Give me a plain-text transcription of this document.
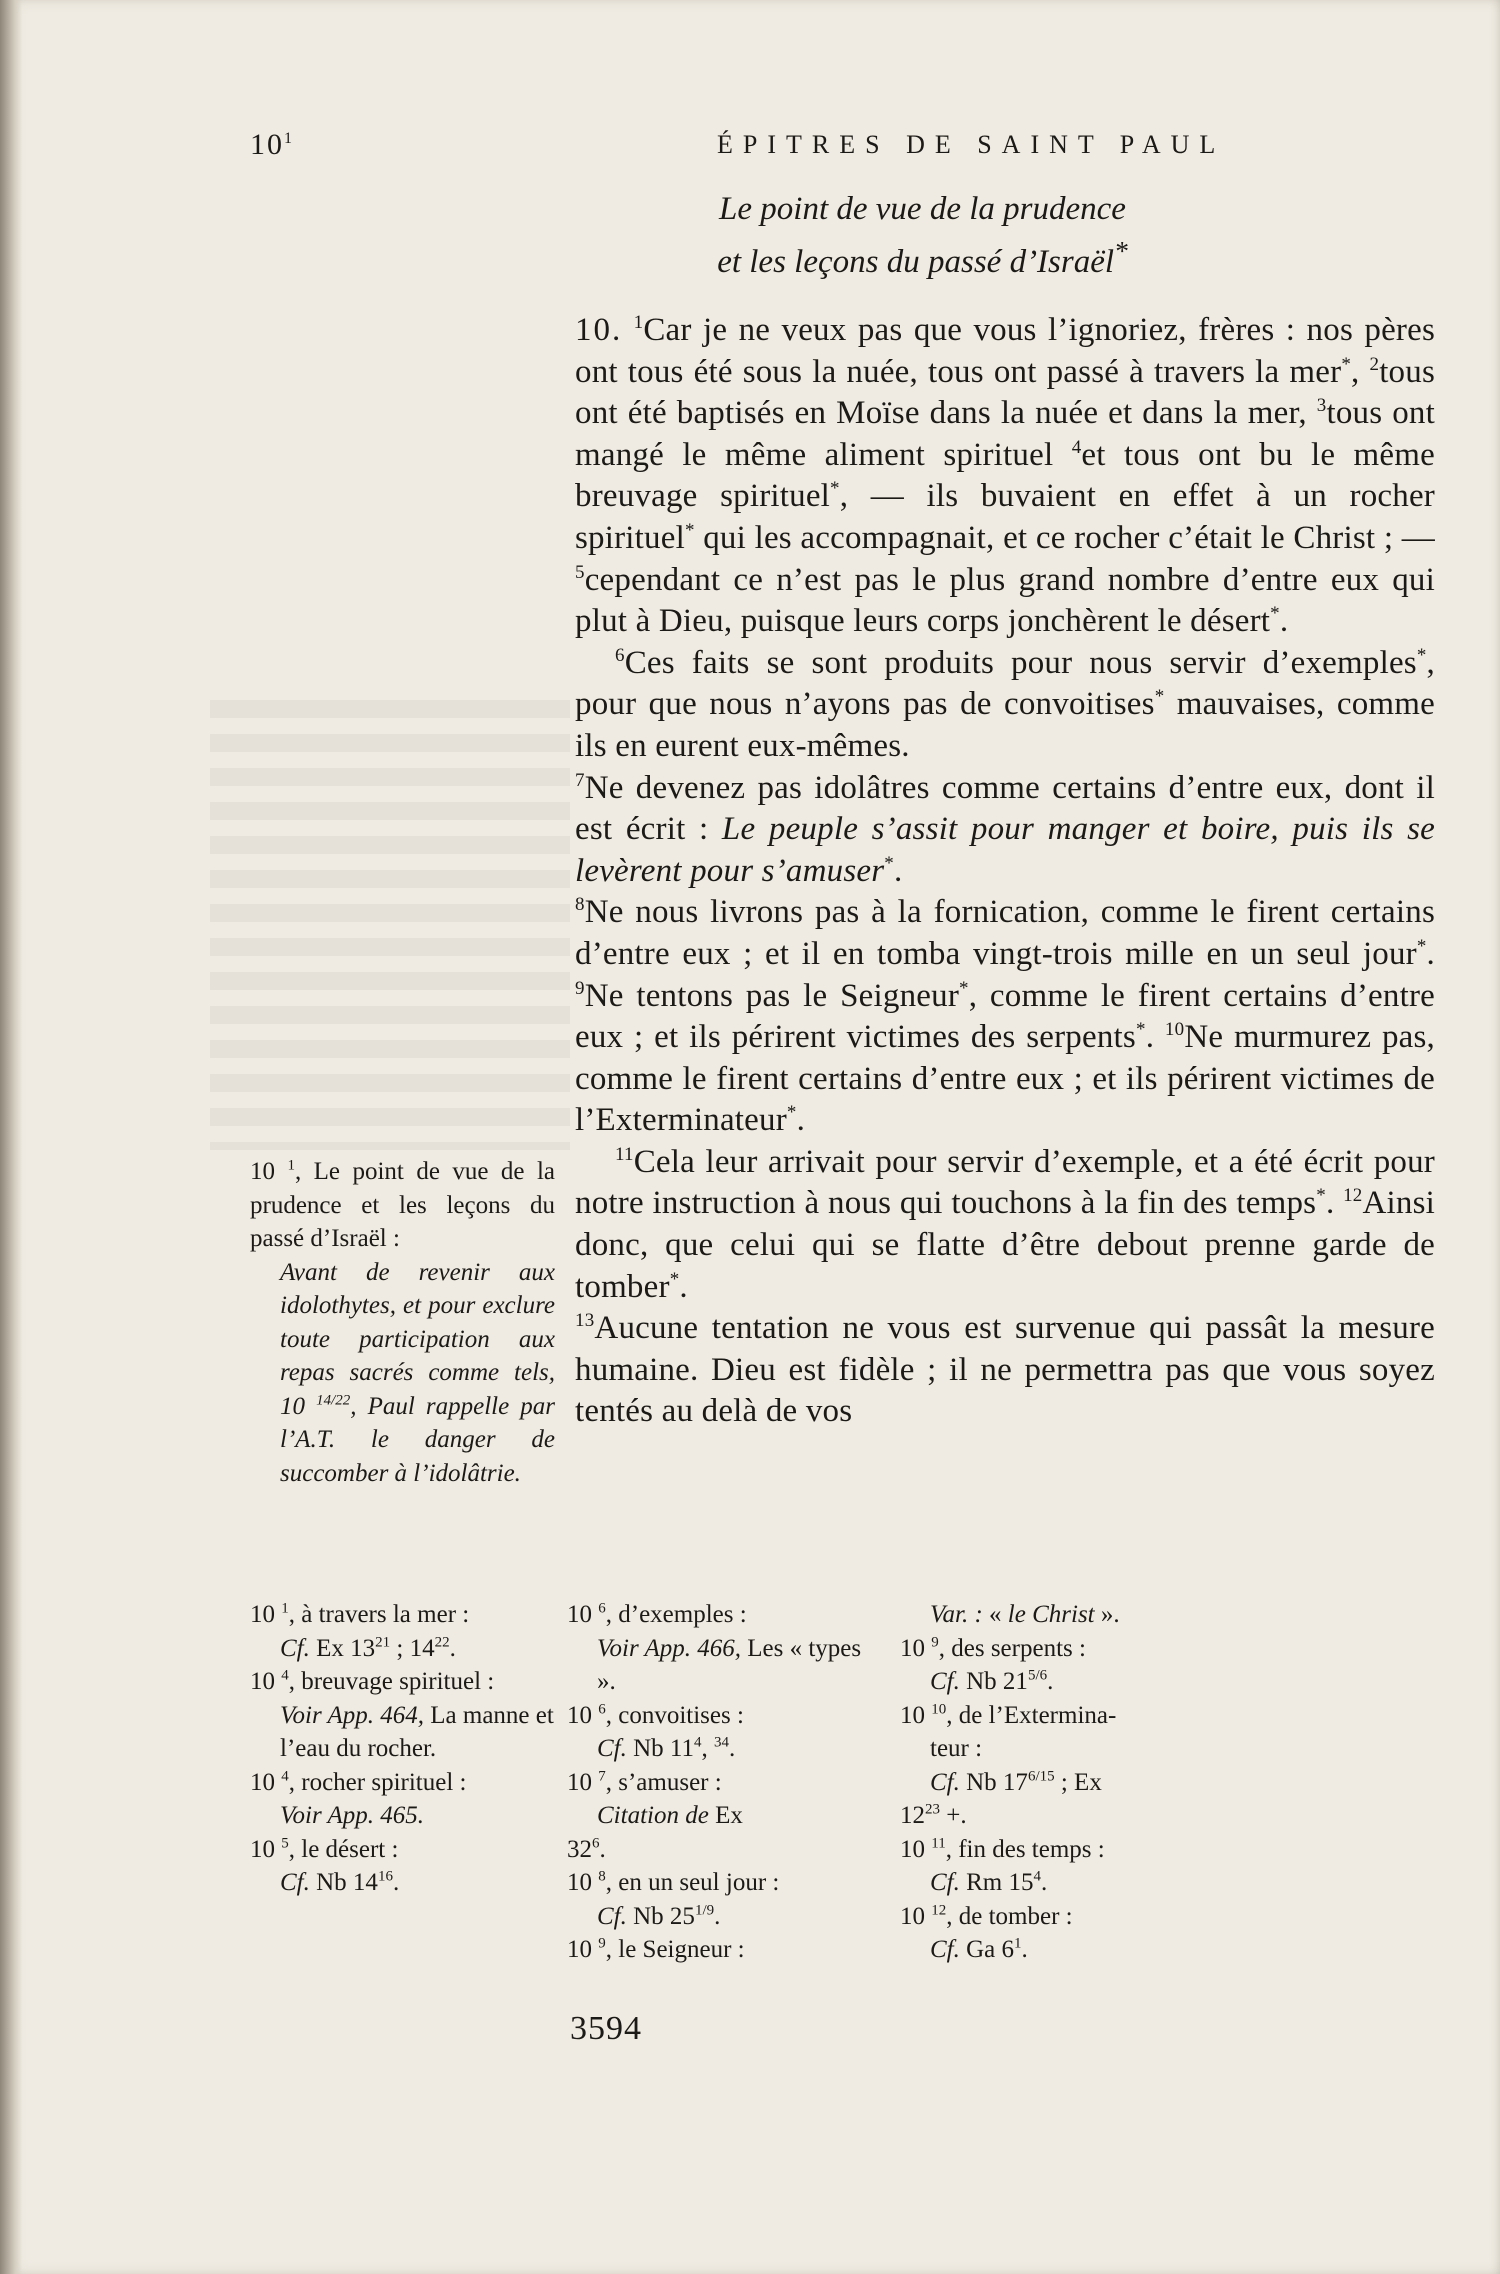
$10^1$	ÉPITRES DE SAINT PAUL
Le point de vue de la prudence
et les leçons du passé d’Israël*

10. $^1$Car je ne veux pas que vous l’ignoriez, frères : nos pères ont tous été sous la nuée, tous ont passé à travers la mer*, $^2$tous ont été baptisés en Moïse dans la nuée et dans la mer, $^3$tous ont mangé le même aliment spirituel $^4$et tous ont bu le même breuvage spirituel*, — ils buvaient en effet à un rocher spirituel* qui les accompagnait, et ce rocher c’était le Christ ; — $^5$cependant ce n’est pas le plus grand nombre d’entre eux qui plut à Dieu, puisque leurs corps jonchèrent le désert*.

$^6$Ces faits se sont produits pour nous servir d’exemples*, pour que nous n’ayons pas de convoitises* mauvaises, comme ils en eurent eux-mêmes.

$^7$Ne devenez pas idolâtres comme certains d’entre eux, dont il est écrit : Le peuple s’assit pour manger et boire, puis ils se levèrent pour s’amuser*.

$^8$Ne nous livrons pas à la fornication, comme le firent certains d’entre eux ; et il en tomba vingt-trois mille en un seul jour*. $^9$Ne tentons pas le Seigneur*, comme le firent certains d’entre eux ; et ils périrent victimes des serpents*. $^{10}$Ne murmurez pas, comme le firent certains d’entre eux ; et ils périrent victimes de l’Exterminateur*.

$^{11}$Cela leur arrivait pour servir d’exemple, et a été écrit pour notre instruction à nous qui touchons à la fin des temps*. $^{12}$Ainsi donc, que celui qui se flatte d’être debout prenne garde de tomber*.

$^{13}$Aucune tentation ne vous est survenue qui passât la mesure humaine. Dieu est fidèle ; il ne permettra pas que vous soyez tentés au delà de vos

10 $^1$, Le point de vue de la prudence et les leçons du passé d’Israël :
Avant de revenir aux idolothytes, et pour exclure toute participation aux repas sacrés comme tels, 10 $^{14/22}$, Paul rappelle par l’A.T. le danger de succomber à l’idolâtrie.
10 $^1$, à travers la mer :
Cf. Ex $13^{21}$ ; $14^{22}$.
10 $^4$, breuvage spirituel :
Voir App. 464, La manne et l’eau du rocher.
10 $^4$, rocher spirituel :
Voir App. 465.
10 $^5$, le désert :
Cf. Nb $14^{16}$.
10 $^6$, d’exemples :
Voir App. 466, Les « types ».
10 $^6$, convoitises :
Cf. Nb $11^4$, $^{34}$.
10 $^7$, s’amuser :
Citation de Ex
$32^6$.
10 $^8$, en un seul jour :
Cf. Nb $25^{1/9}$.
10 $^9$, le Seigneur :
Var. : « le Christ ».
10 $^9$, des serpents :
Cf. Nb $21^{5/6}$.
10 $^{10}$, de l’Extermina-
teur :
Cf. Nb $17^{6/15}$ ; Ex
$12^{23}$ +.
10 $^{11}$, fin des temps :
Cf. Rm $15^4$.
10 $^{12}$, de tomber :
Cf. Ga $6^1$.
3594
